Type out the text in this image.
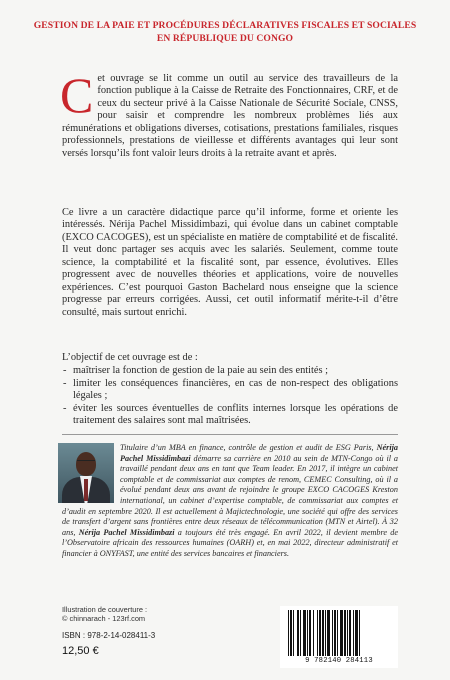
GESTION DE LA PAIE ET PROCÉDURES DÉCLARATIVES FISCALES ET SOCIALES EN RÉPUBLIQUE DU CONGO
Cet ouvrage se lit comme un outil au service des travailleurs de la fonction publique à la Caisse de Retraite des Fonctionnaires, CRF, et de ceux du secteur privé à la Caisse Nationale de Sécurité Sociale, CNSS, pour saisir et comprendre les nombreux problèmes liés aux rémunérations et obligations diverses, cotisations, prestations familiales, risques professionnels, prestations de vieillesse et différents avantages qui leur sont versés lorsqu’ils font valoir leurs droits à la retraite avant et après.
Ce livre a un caractère didactique parce qu’il informe, forme et oriente les intéressés. Nérija Pachel Missidimbazi, qui évolue dans un cabinet comptable (EXCO CACOGES), est un spécialiste en matière de comptabilité et de fiscalité. Il veut donc partager ses acquis avec les salariés. Seulement, comme toute science, la comptabilité et la fiscalité sont, par essence, évolutives. Elles progressent avec de nouvelles théories et applications, voire de nouvelles expériences. C’est pourquoi Gaston Bachelard nous enseigne que la science progresse par erreurs corrigées. Aussi, cet outil informatif mérite-t-il d’être consulté, mais surtout enrichi.
L’objectif de cet ouvrage est de :
- maîtriser la fonction de gestion de la paie au sein des entités ;
- limiter les conséquences financières, en cas de non-respect des obligations légales ;
- éviter les sources éventuelles de conflits internes lorsque les opérations de traitement des salaires sont mal maîtrisées.
Titulaire d’un MBA en finance, contrôle de gestion et audit de ESG Paris, Nérija Pachel Missidimbazi démarre sa carrière en 2010 au sein de MTN-Congo où il a travaillé pendant deux ans en tant que Team leader. En 2017, il intègre un cabinet comptable et de commissariat aux comptes de renom, CEMEC Consulting, où il a évolué pendant deux ans avant de rejoindre le groupe EXCO CACOGES Kreston international, un cabinet d’expertise comptable, de commissariat aux comptes et d’audit en septembre 2020. Il est actuellement à Majictechnologie, une société qui offre des services de transfert d’argent sans frontières entre deux réseaux de télécommunication (MTN et Airtel). À 32 ans, Nérija Pachel Missidimbazi a toujours été très engagé. En avril 2022, il devient membre de l’Observatoire africain des ressources humaines (OARH) et, en mai 2022, directeur administratif et financier à ONYFAST, une entité des services bancaires et financiers.
Illustration de couverture :
© chinnarach - 123rf.com
ISBN : 978-2-14-028411-3
12,50 €
9 782140 284113
